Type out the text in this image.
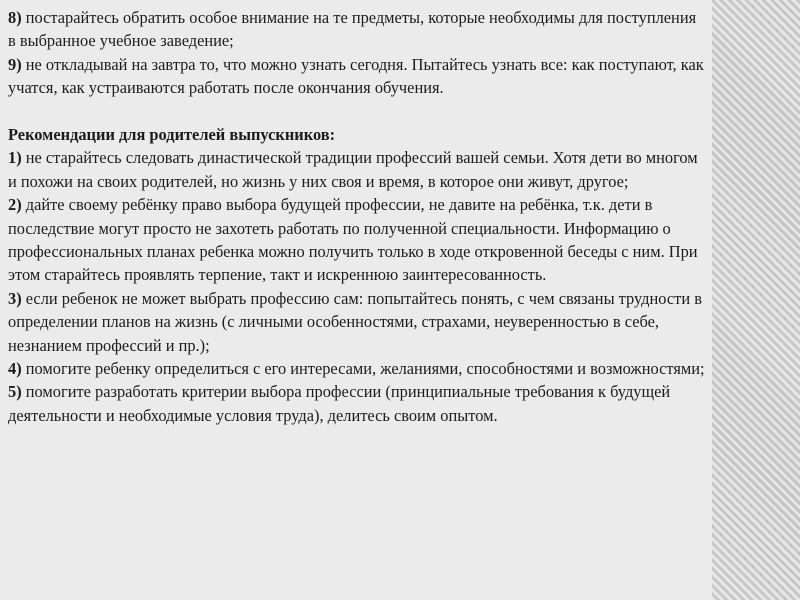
8) постарайтесь обратить особое внимание на те предметы, которые необходимы для поступления в выбранное учебное заведение;

9) не откладывай на завтра то, что можно узнать сегодня. Пытайтесь узнать все: как поступают, как учатся, как устраиваются работать после окончания обучения.

Рекомендации для родителей выпускников:

1) не старайтесь следовать династической традиции профессий вашей семьи. Хотя дети во многом и похожи на своих родителей, но жизнь у них своя и время, в которое они живут, другое;

2) дайте своему ребёнку право выбора будущей профессии, не давите на ребёнка, т.к. дети в последствие могут просто не захотеть работать по полученной специальности. Информацию о профессиональных планах ребенка можно получить только в ходе откровенной беседы с ним. При этом старайтесь проявлять терпение, такт и искреннюю заинтересованность.

3) если ребенок не может выбрать профессию сам: попытайтесь понять, с чем связаны трудности в определении планов на жизнь (с личными особенностями, страхами, неуверенностью в себе, незнанием профессий и пр.);

4) помогите ребенку определиться с его интересами, желаниями, способностями и возможностями;

5) помогите разработать критерии выбора профессии (принципиальные требования к будущей деятельности и необходимые условия труда), делитесь своим опытом.
